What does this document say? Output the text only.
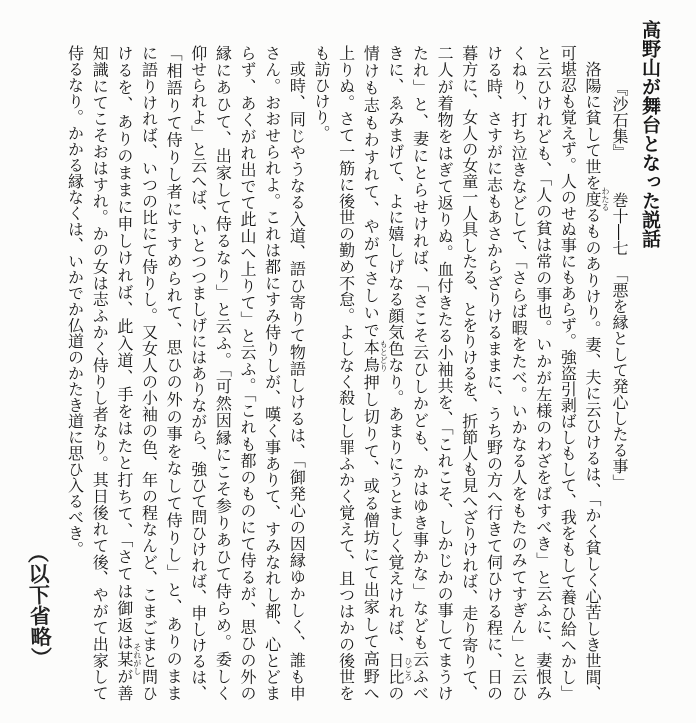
高野山が舞台となった説話
『沙石集』巻十―七「悪を縁として発心したる事」
洛陽に貧して世を度 わたる
るものありけり。妻、夫に云ひけるは、「かく貧しく心苦しき世間、
可堪忍も覚えず。人のせぬ事にもあらず。強盗引剥ばしもして、我をもして養ひ給へかし」
と云ひけれども、「人の貧は常の事也。いかが左様のわざをばすべき」と云ふに、妻恨み
くねり、打ち泣きなどして、「さらば暇をたべ。いかなる人をもたのみてすぎん」と云ひ
ける時、さすがに志もあさからざりけるままに、うち野の方へ行きて伺ひける程に、日の
暮方に、女人の女童一人具したる、とをりけるを、折節人も見へざりければ、走り寄りて、
二人が着物をはぎて返りぬ。血付きたる小袖共を、「これこそ、しかじかの事してまうけ
たれ」と、妻にとらせければ、「さこそ云ひしかども、かはゆき事かな」なども云ふべ
きに、ゑみまげて、よに嬉しげなる顔気色なり。あまりにうとましく覚えければ、日比 ひごろ
の
情けも志もわすれて、やがてさしいで本鳥 もとどり
押し切りて、或る僧坊にて出家して高野へ
上りぬ。さて一筋に後世の勤め不怠。よしなく殺しし罪ふかく覚えて、且つはかの後世を
も訪ひけり。
或時、同じやうなる入道、語ひ寄りて物語しけるは、「御発心の因縁ゆかしく、誰も申
さん。おおせられよ。これは都にすみ侍りしが、嘆く事ありて、すみなれし都、心とどま
らず、あくがれ出でて此山へ上りて」と云ふ。「これも都のものにて侍るが、思ひの外の
縁にあひて、出家して侍るなり」と云ふ。「可然因縁にこそ参りあひて侍らめ。委しく
仰せられよ」と云へば、いとつつましげにはありながら、強ひて問ひければ、申しけるは、
「相語りて侍りし者にすすめられて、思ひの外の事をなして侍りし」と、ありのまま
に語りければ、いつの比にて侍りし。又女人の小袖の色、年の程なんど、こまごまと問ひ
けるを、ありのままに申しければ、此入道、手をはたと打ちて、「さては御返は某 それがし
が善
知識にてこそおはすれ。かの女は志ふかく侍りし者なり。其日後れて後、やがて出家して
侍るなり。かかる縁なくは、いかでか仏道のかたき道に思ひ入るべき。
（以下省略）
